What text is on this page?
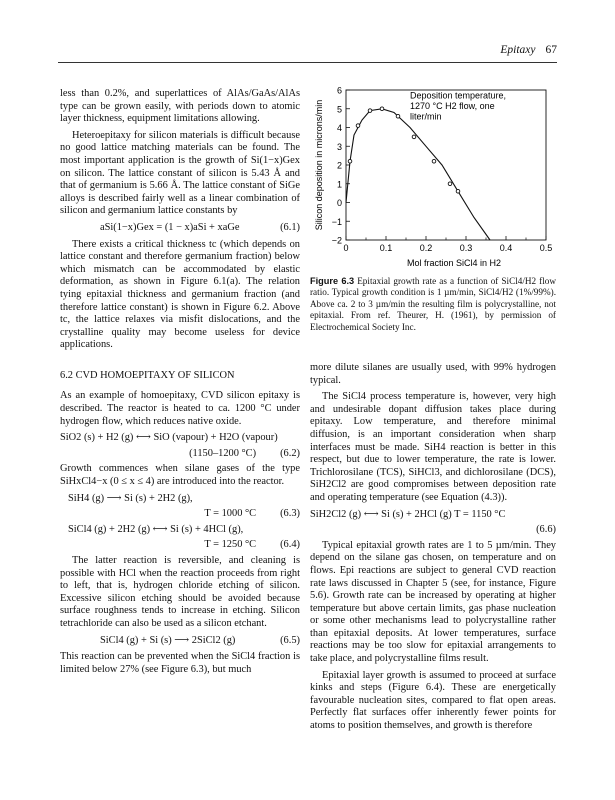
Epitaxy 67

less than 0.2%, and superlattices of AlAs/GaAs/AlAs type can be grown easily, with periods down to atomic layer thickness, equipment limitations allowing.

Heteroepitaxy for silicon materials is difficult because no good lattice matching materials can be found. The most important application is the growth of Si(1−x)Gex on silicon. The lattice constant of silicon is 5.43 Å and that of germanium is 5.66 Å. The lattice constant of SiGe alloys is described fairly well as a linear combination of silicon and germanium lattice constants by

aSi(1−x)Gex = (1 − x)aSi + xaGe	(6.1)

There exists a critical thickness tc (which depends on lattice constant and therefore germanium fraction) below which mismatch can be accommodated by elastic deformation, as shown in Figure 6.1(a). The relation tying epitaxial thickness and germanium fraction (and therefore lattice constant) is shown in Figure 6.2. Above tc, the lattice relaxes via misfit dislocations, and the crystalline quality may become useless for device applications.

6.2 CVD HOMOEPITAXY OF SILICON

As an example of homoepitaxy, CVD silicon epitaxy is described. The reactor is heated to ca. 1200 °C under hydrogen flow, which reduces native oxide.

SiO2 (s) + H2 (g) ⟷ SiO (vapour) + H2O (vapour)
(1150–1200 °C) (6.2)

Growth commences when silane gases of the type SiHxCl4−x (0 ≤ x ≤ 4) are introduced into the reactor.

SiH4 (g) ⟶ Si (s) + 2H2 (g),
T = 1000 °C (6.3)
SiCl4 (g) + 2H2 (g) ⟷ Si (s) + 4HCl (g),
T = 1250 °C (6.4)

The latter reaction is reversible, and cleaning is possible with HCl when the reaction proceeds from right to left, that is, hydrogen chloride etching of silicon. Excessive silicon etching should be avoided because surface roughness tends to increase in etching. Silicon tetrachloride can also be used as a silicon etchant.

SiCl4 (g) + Si (s) ⟶ 2SiCl2 (g)	(6.5)

This reaction can be prevented when the SiCl4 fraction is limited below 27% (see Figure 6.3), but much

−2
−1
0
1
2
3
4
5
6
0	0.1	0.2	0.3	0.4	0.5
Mol fraction SiCl4 in H2
Silicon deposition in microns/min
Deposition temperature,
1270 °C H2 flow, one
liter/min
Figure 6.3 Epitaxial growth rate as a function of SiCl4/H2 flow ratio. Typical growth condition is 1 µm/min, SiCl4/H2 (1%/99%). Above ca. 2 to 3 µm/min the resulting film is polycrystalline, not epitaxial. From ref. Theurer, H. (1961), by permission of Electrochemical Society Inc.

more dilute silanes are usually used, with 99% hydrogen typical.

The SiCl4 process temperature is, however, very high and undesirable dopant diffusion takes place during epitaxy. Low temperature, and therefore minimal diffusion, is an important consideration when sharp interfaces must be made. SiH4 reaction is better in this respect, but due to lower temperature, the rate is lower. Trichlorosilane (TCS), SiHCl3, and dichlorosilane (DCS), SiH2Cl2 are good compromises between deposition rate and operating temperature (see Equation (4.3)).

SiH2Cl2 (g) ⟷ Si (s) + 2HCl (g) T = 1150 °C
(6.6)

Typical epitaxial growth rates are 1 to 5 µm/min. They depend on the silane gas chosen, on temperature and on flows. Epi reactions are subject to general CVD reaction rate laws discussed in Chapter 5 (see, for instance, Figure 5.6). Growth rate can be increased by operating at higher temperature but above certain limits, gas phase nucleation or some other mechanisms lead to polycrystalline rather than epitaxial deposits. At lower temperatures, surface reactions may be too slow for epitaxial arrangements to take place, and polycrystalline films result.

Epitaxial layer growth is assumed to proceed at surface kinks and steps (Figure 6.4). These are energetically favourable nucleation sites, compared to flat open areas. Perfectly flat surfaces offer inherently fewer points for atoms to position themselves, and growth is therefore
